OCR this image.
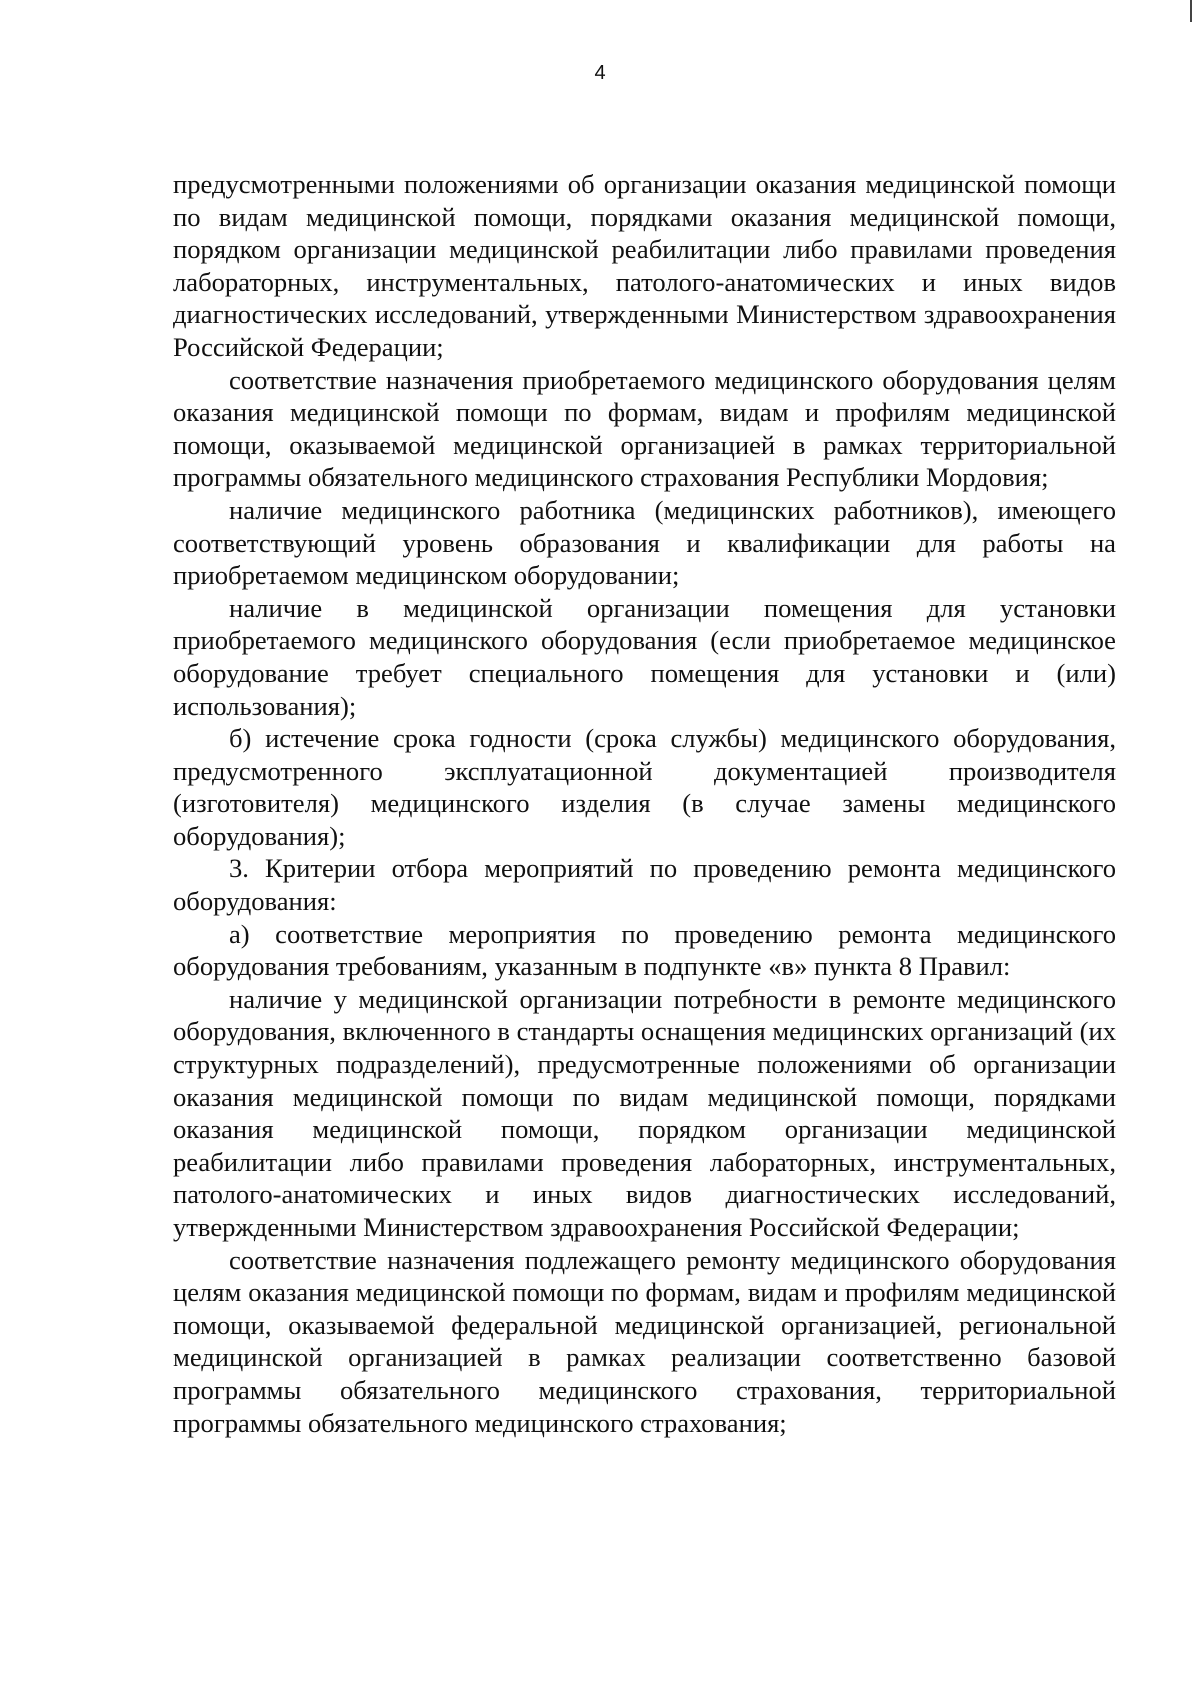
4

предусмотренными положениями об организации оказания медицинской помощи по видам медицинской помощи, порядками оказания медицинской помощи, порядком организации медицинской реабилитации либо правилами проведения лабораторных, инструментальных, патолого-анатомических и иных видов диагностических исследований, утвержденными Министерством здравоохранения Российской Федерации;

соответствие назначения приобретаемого медицинского оборудования целям оказания медицинской помощи по формам, видам и профилям медицинской помощи, оказываемой медицинской организацией в рамках территориальной программы обязательного медицинского страхования Республики Мордовия;

наличие медицинского работника (медицинских работников), имеющего соответствующий уровень образования и квалификации для работы на приобретаемом медицинском оборудовании;

наличие в медицинской организации помещения для установки приобретаемого медицинского оборудования (если приобретаемое медицинское оборудование требует специального помещения для установки и (или) использования);

б) истечение срока годности (срока службы) медицинского оборудования, предусмотренного эксплуатационной документацией производителя (изготовителя) медицинского изделия (в случае замены медицинского оборудования);

3. Критерии отбора мероприятий по проведению ремонта медицинского оборудования:

а) соответствие мероприятия по проведению ремонта медицинского оборудования требованиям, указанным в подпункте «в» пункта 8 Правил:

наличие у медицинской организации потребности в ремонте медицинского оборудования, включенного в стандарты оснащения медицинских организаций (их структурных подразделений), предусмотренные положениями об организации оказания медицинской помощи по видам медицинской помощи, порядками оказания медицинской помощи, порядком организации медицинской реабилитации либо правилами проведения лабораторных, инструментальных, патолого-анатомических и иных видов диагностических исследований, утвержденными Министерством здравоохранения Российской Федерации;

соответствие назначения подлежащего ремонту медицинского оборудования целям оказания медицинской помощи по формам, видам и профилям медицинской помощи, оказываемой федеральной медицинской организацией, региональной медицинской организацией в рамках реализации соответственно базовой программы обязательного медицинского страхования, территориальной программы обязательного медицинского страхования;
